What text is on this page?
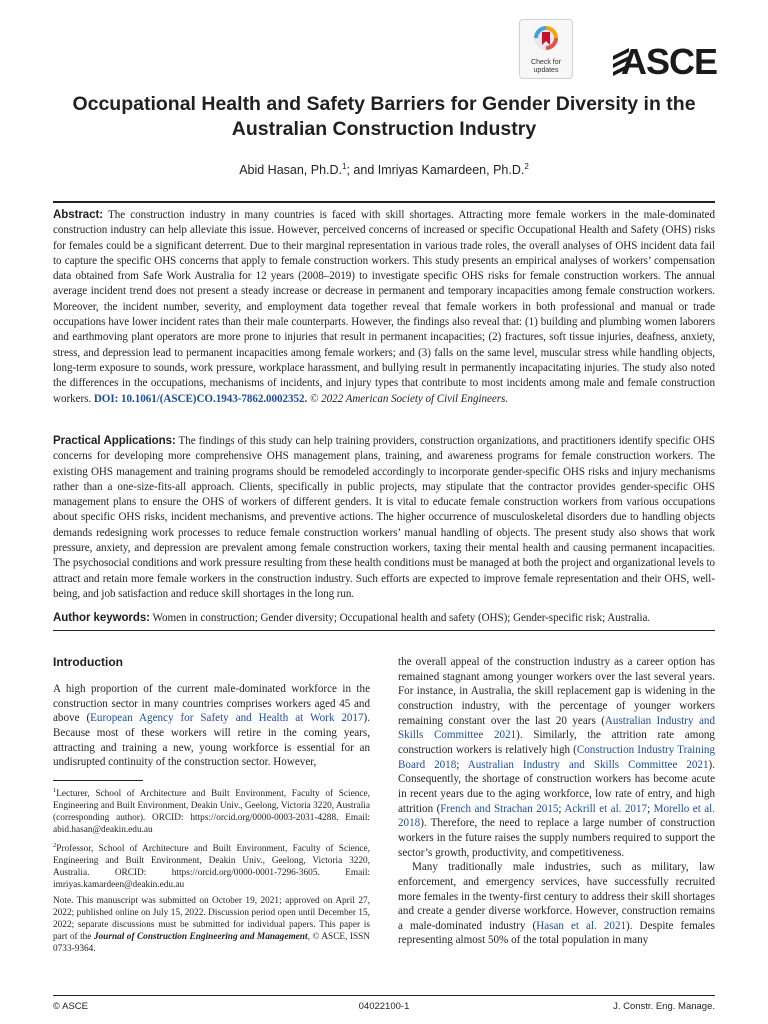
Check for
updates	ASCE
Occupational Health and Safety Barriers for Gender Diversity in the Australian Construction Industry
Abid Hasan, Ph.D.$^1$; and Imriyas Kamardeen, Ph.D.$^2$
Abstract: The construction industry in many countries is faced with skill shortages. Attracting more female workers in the male-dominated construction industry can help alleviate this issue. However, perceived concerns of increased or specific Occupational Health and Safety (OHS) risks for females could be a significant deterrent. Due to their marginal representation in various trade roles, the overall analyses of OHS incident data fail to capture the specific OHS concerns that apply to female construction workers. This study presents an empirical analyses of workers’ compensation data obtained from Safe Work Australia for 12 years (2008–2019) to investigate specific OHS risks for female construction workers. The annual average incident trend does not present a steady increase or decrease in permanent and temporary incapacities among female construction workers. Moreover, the incident number, severity, and employment data together reveal that female workers in both professional and manual or trade occupations have lower incident rates than their male counterparts. However, the findings also reveal that: (1) building and plumbing women laborers and earthmoving plant operators are more prone to injuries that result in permanent incapacities; (2) fractures, soft tissue injuries, deafness, anxiety, stress, and depression lead to permanent incapacities among female workers; and (3) falls on the same level, muscular stress while handling objects, long-term exposure to sounds, work pressure, workplace harassment, and bullying result in permanently incapacitating injuries. The study also noted the differences in the occupations, mechanisms of incidents, and injury types that contribute to most incidents among male and female construction workers. DOI: 10.1061/(ASCE)CO.1943-7862.0002352. © 2022 American Society of Civil Engineers.
Practical Applications: The findings of this study can help training providers, construction organizations, and practitioners identify specific OHS concerns for developing more comprehensive OHS management plans, training, and awareness programs for female construction workers. The existing OHS management and training programs should be remodeled accordingly to incorporate gender-specific OHS risks and injury mechanisms rather than a one-size-fits-all approach. Clients, specifically in public projects, may stipulate that the contractor provides gender-specific OHS management plans to ensure the OHS of workers of different genders. It is vital to educate female construction workers from various occupations about specific OHS risks, incident mechanisms, and preventive actions. The higher occurrence of musculoskeletal disorders due to handling objects demands redesigning work processes to reduce female construction workers’ manual handling of objects. The present study also shows that work pressure, anxiety, and depression are prevalent among female construction workers, taxing their mental health and causing permanent incapacities. The psychosocial conditions and work pressure resulting from these health conditions must be managed at both the project and organizational levels to attract and retain more female workers in the construction industry. Such efforts are expected to improve female representation and their OHS, well-being, and job satisfaction and reduce skill shortages in the long run.
Author keywords: Women in construction; Gender diversity; Occupational health and safety (OHS); Gender-specific risk; Australia.
Introduction
A high proportion of the current male-dominated workforce in the construction sector in many countries comprises workers aged 45 and above (European Agency for Safety and Health at Work 2017). Because most of these workers will retire in the coming years, attracting and training a new, young workforce is essential for an undisrupted continuity of the construction sector. However,
$^1$Lecturer, School of Architecture and Built Environment, Faculty of Science, Engineering and Built Environment, Deakin Univ., Geelong, Victoria 3220, Australia (corresponding author). ORCID: https://orcid.org/0000-0003-2031-4288. Email: abid.hasan@deakin.edu.au
$^2$Professor, School of Architecture and Built Environment, Faculty of Science, Engineering and Built Environment, Deakin Univ., Geelong, Victoria 3220, Australia. ORCID: https://orcid.org/0000-0001-7296-3605. Email: imriyas.kamardeen@deakin.edu.au
Note. This manuscript was submitted on October 19, 2021; approved on April 27, 2022; published online on July 15, 2022. Discussion period open until December 15, 2022; separate discussions must be submitted for individual papers. This paper is part of the Journal of Construction Engineering and Management, © ASCE, ISSN 0733-9364.

the overall appeal of the construction industry as a career option has remained stagnant among younger workers over the last several years. For instance, in Australia, the skill replacement gap is widening in the construction industry, with the percentage of younger workers remaining constant over the last 20 years (Australian Industry and Skills Committee 2021). Similarly, the attrition rate among construction workers is relatively high (Construction Industry Training Board 2018; Australian Industry and Skills Committee 2021). Consequently, the shortage of construction workers has become acute in recent years due to the aging workforce, low rate of entry, and high attrition (French and Strachan 2015; Ackrill et al. 2017; Morello et al. 2018). Therefore, the need to replace a large number of construction workers in the future raises the supply numbers required to support the sector’s growth, productivity, and competitiveness.

Many traditionally male industries, such as military, law enforcement, and emergency services, have successfully recruited more females in the twenty-first century to address their skill shortages and create a gender diverse workforce. However, construction remains a male-dominated industry (Hasan et al. 2021). Despite females representing almost 50% of the total population in many

© ASCE	04022100-1	J. Constr. Eng. Manage.
